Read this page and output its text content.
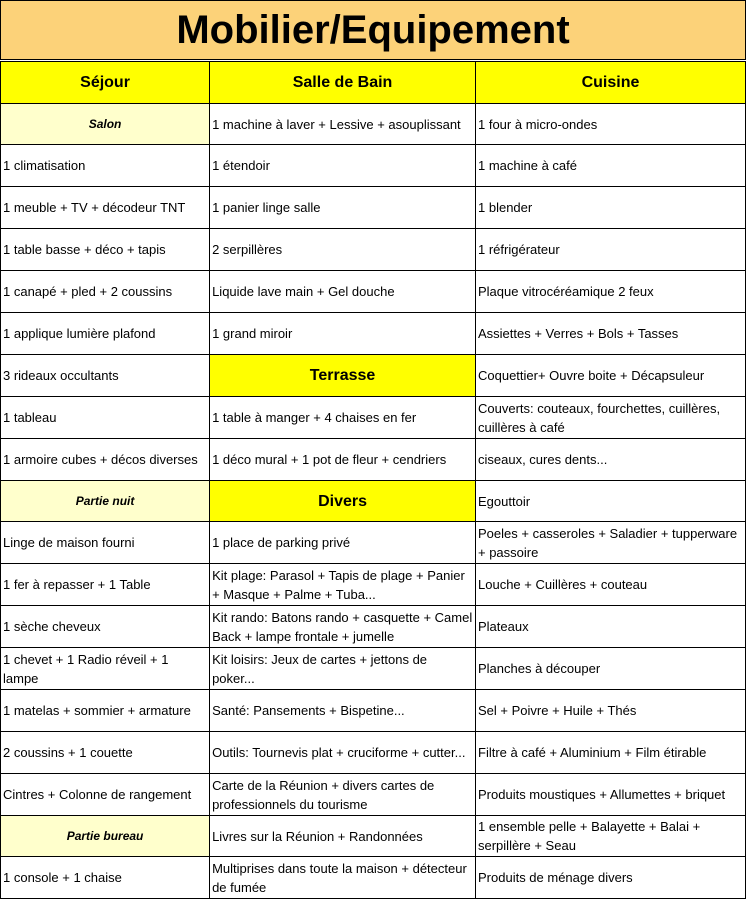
Mobilier/Equipement
Séjour	Salle de Bain	Cuisine
Salon	1 machine à laver + Lessive + asouplissant	1 four à micro-ondes
1 climatisation	1 étendoir	1 machine à café
1 meuble + TV + décodeur TNT	1 panier linge salle	1 blender
1 table basse + déco + tapis	2 serpillères	1 réfrigérateur
1 canapé + pled + 2 coussins	Liquide lave main + Gel douche	Plaque vitrocéréamique 2 feux
1 applique lumière plafond	1 grand miroir	Assiettes + Verres + Bols + Tasses
3 rideaux occultants	Terrasse	Coquettier+ Ouvre boite + Décapsuleur
1 tableau	1 table à manger + 4 chaises en fer	Couverts: couteaux, fourchettes, cuillères, cuillères à café
1 armoire cubes + décos diverses	1 déco mural + 1 pot de fleur + cendriers	ciseaux, cures dents...
Partie nuit	Divers	Egouttoir
Linge de maison fourni	1 place de parking privé	Poeles + casseroles + Saladier + tupperware + passoire
1 fer à repasser + 1 Table	Kit plage: Parasol + Tapis de plage + Panier + Masque + Palme + Tuba...	Louche + Cuillères + couteau
1 sèche cheveux	Kit rando: Batons rando + casquette + Camel Back + lampe frontale + jumelle	Plateaux
1 chevet + 1 Radio réveil + 1 lampe	Kit loisirs: Jeux de cartes + jettons de poker...	Planches à découper
1 matelas + sommier + armature	Santé: Pansements + Bispetine...	Sel + Poivre + Huile + Thés
2 coussins + 1 couette	Outils: Tournevis plat + cruciforme + cutter...	Filtre à café + Aluminium + Film étirable
Cintres + Colonne de rangement	Carte de la Réunion + divers cartes de professionnels du tourisme	Produits moustiques + Allumettes + briquet
Partie bureau	Livres sur la Réunion + Randonnées	1 ensemble pelle + Balayette + Balai + serpillère + Seau
1 console + 1 chaise	Multiprises dans toute la maison + détecteur de fumée	Produits de ménage divers
